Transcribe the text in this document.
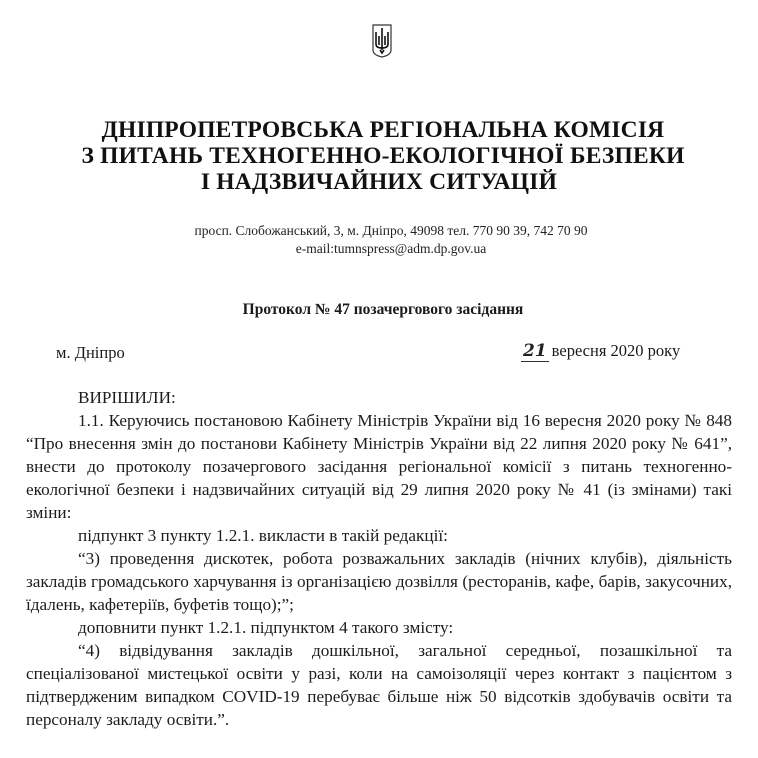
ДНІПРОПЕТРОВСЬКА РЕГІОНАЛЬНА КОМІСІЯ
З ПИТАНЬ ТЕХНОГЕННО-ЕКОЛОГІЧНОЇ БЕЗПЕКИ
І НАДЗВИЧАЙНИХ СИТУАЦІЙ
просп. Слобожанський, 3, м. Дніпро, 49098 тел. 770 90 39, 742 70 90
e-mail:tumnspress@adm.dp.gov.ua
Протокол № 47 позачергового засідання
м. Дніпро	21 вересня 2020 року

ВИРІШИЛИ:

1.1. Керуючись постановою Кабінету Міністрів України від 16 вересня 2020 року № 848 “Про внесення змін до постанови Кабінету Міністрів України від 22 липня 2020 року № 641”, внести до протоколу позачергового засідання регіональної комісії з питань техногенно-екологічної безпеки і надзвичайних ситуацій від 29 липня 2020 року № 41 (із змінами) такі зміни:

підпункт 3 пункту 1.2.1. викласти в такій редакції:

“3) проведення дискотек, робота розважальних закладів (нічних клубів), діяльність закладів громадського харчування із організацією дозвілля (ресторанів, кафе, барів, закусочних, їдалень, кафетеріїв, буфетів тощо);”;

доповнити пункт 1.2.1. підпунктом 4 такого змісту:

“4) відвідування закладів дошкільної, загальної середньої, позашкільної та спеціалізованої мистецької освіти у разі, коли на самоізоляції через контакт з пацієнтом з підтвердженим випадком COVID-19 перебуває більше ніж 50 відсотків здобувачів освіти та персоналу закладу освіти.”.
